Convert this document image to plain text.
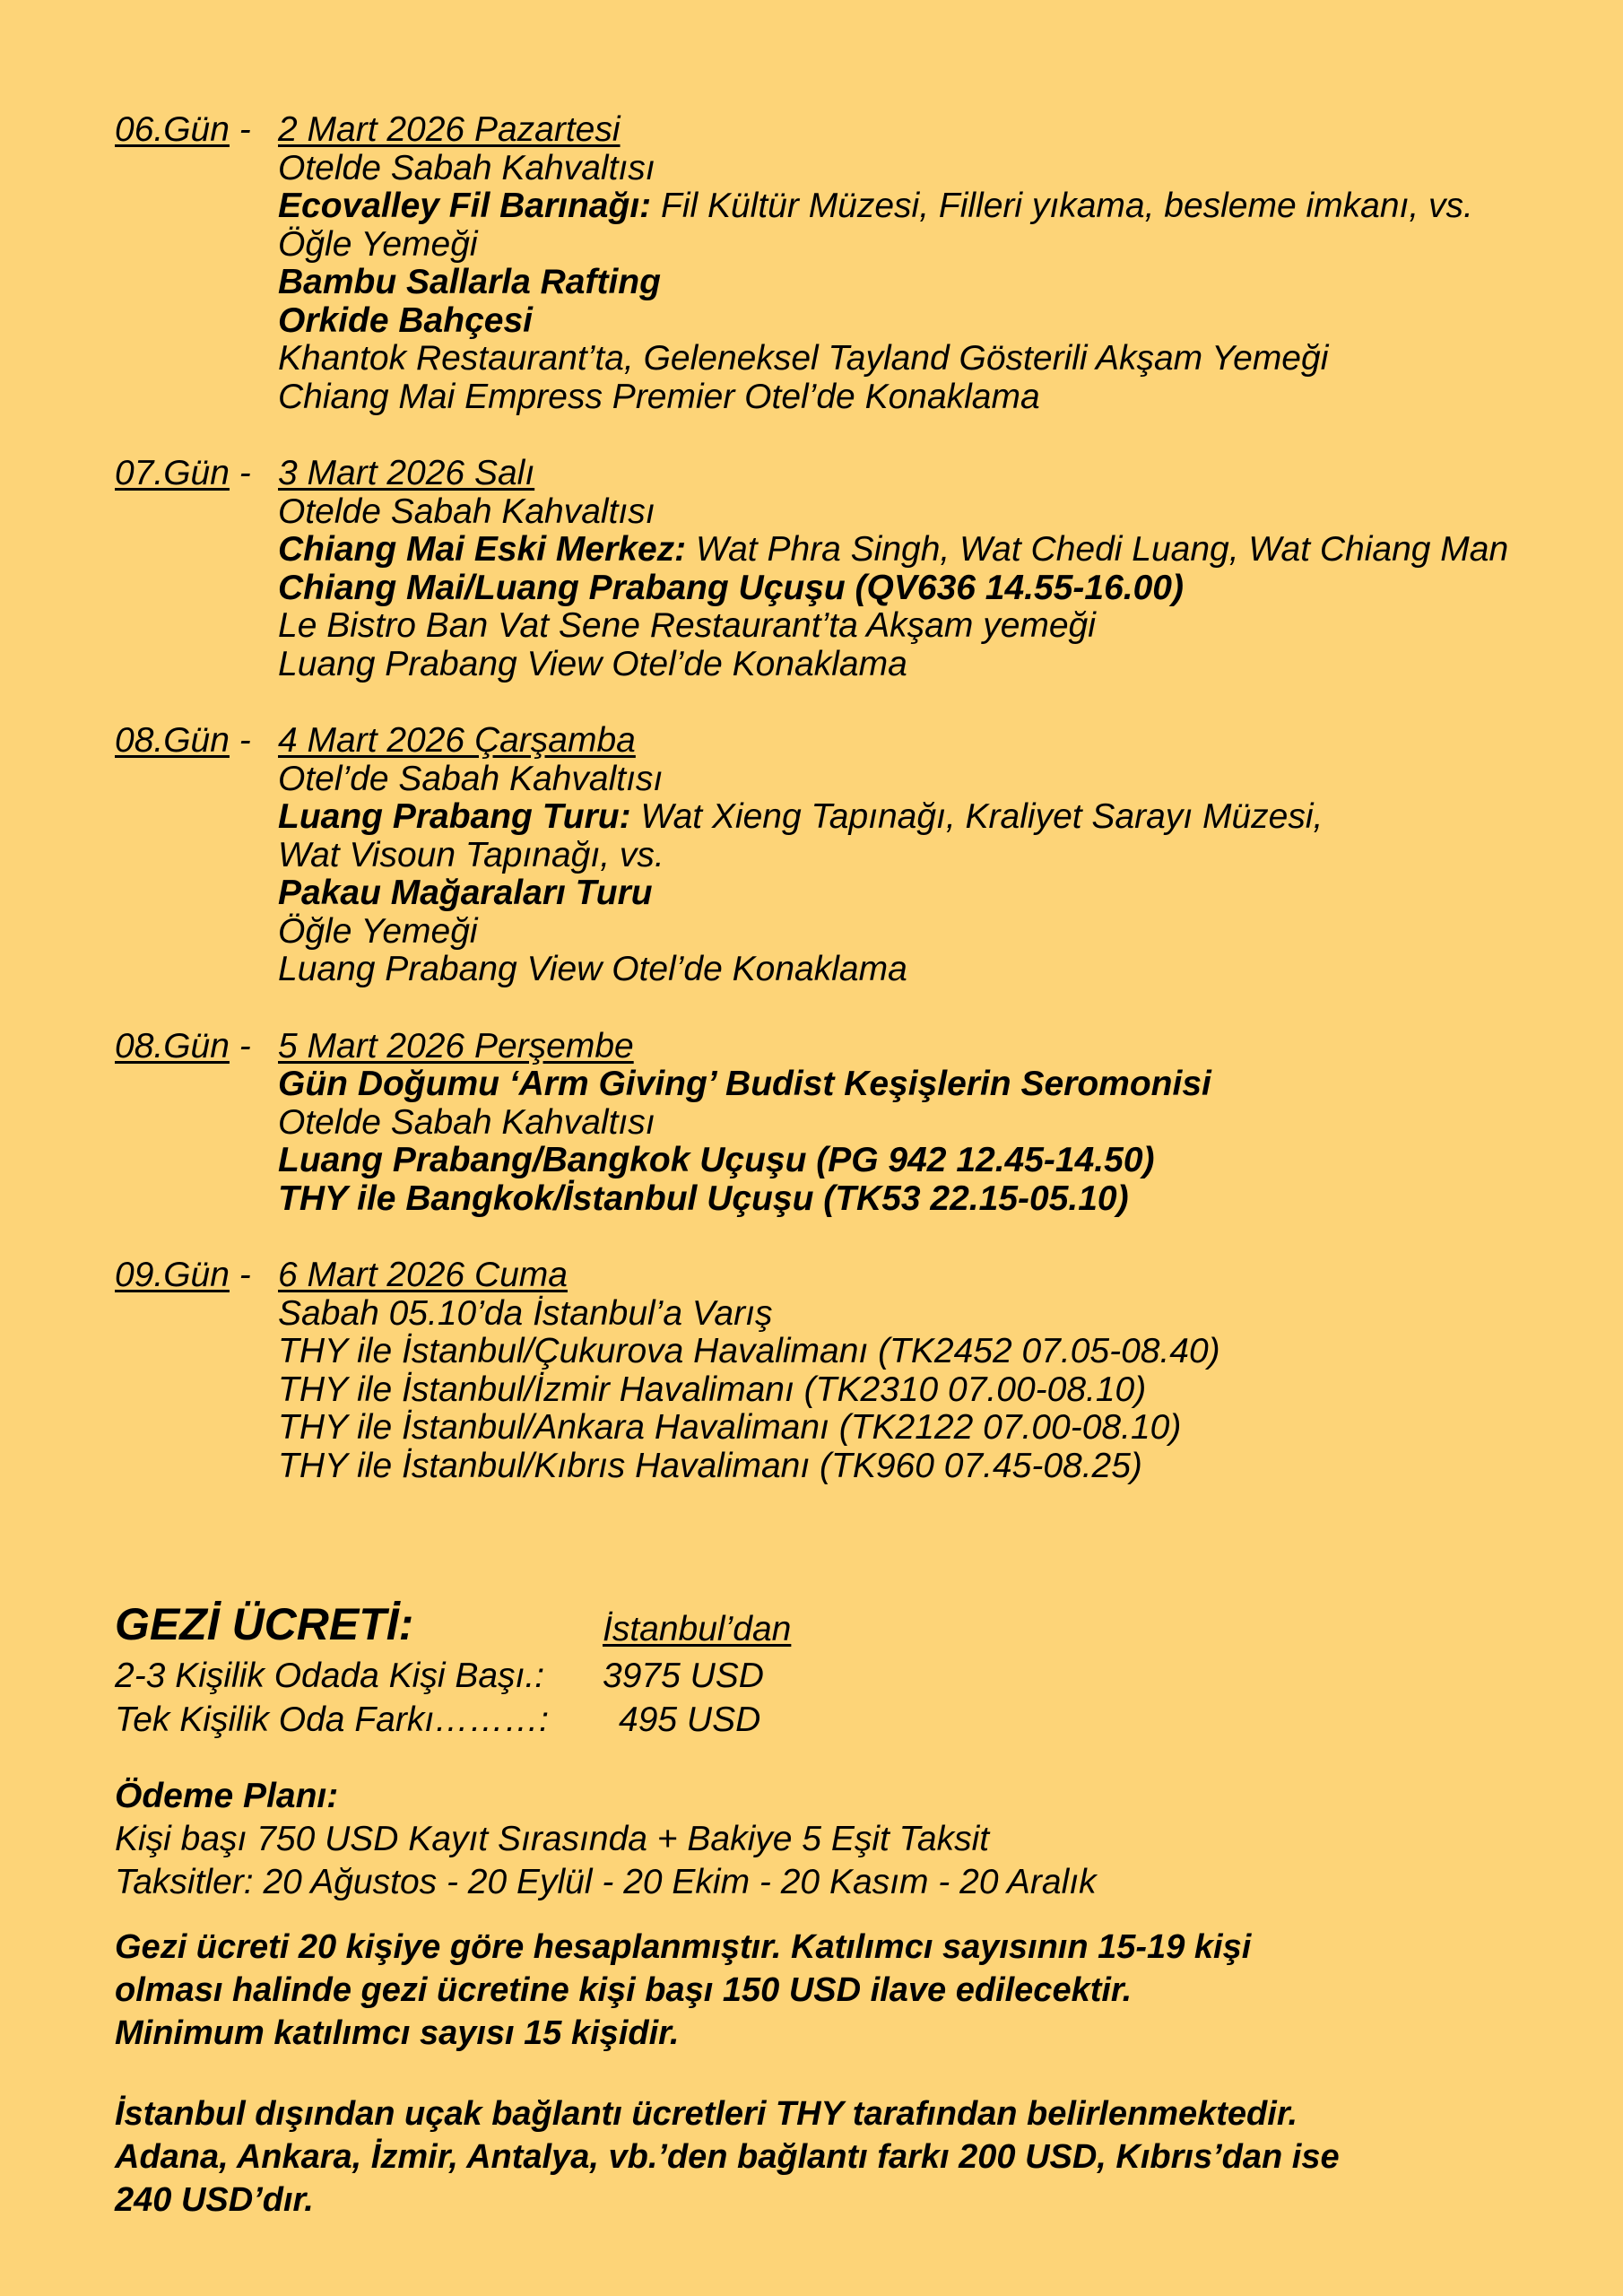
06.Gün -2 Mart 2026 Pazartesi
Otelde Sabah Kahvaltısı
Ecovalley Fil Barınağı: Fil Kültür Müzesi, Filleri yıkama, besleme imkanı, vs.
Öğle Yemeği
Bambu Sallarla Rafting
Orkide Bahçesi
Khantok Restaurant’ta, Geleneksel Tayland Gösterili Akşam Yemeği
Chiang Mai Empress Premier Otel’de Konaklama
07.Gün -3 Mart 2026 Salı
Otelde Sabah Kahvaltısı
Chiang Mai Eski Merkez: Wat Phra Singh, Wat Chedi Luang, Wat Chiang Man
Chiang Mai/Luang Prabang Uçuşu (QV636 14.55-16.00)
Le Bistro Ban Vat Sene Restaurant’ta Akşam yemeği
Luang Prabang View Otel’de Konaklama
08.Gün -4 Mart 2026 Çarşamba
Otel’de Sabah Kahvaltısı
Luang Prabang Turu: Wat Xieng Tapınağı, Kraliyet Sarayı Müzesi,
Wat Visoun Tapınağı, vs.
Pakau Mağaraları Turu
Öğle Yemeği
Luang Prabang View Otel’de Konaklama
08.Gün -5 Mart 2026 Perşembe
Gün Doğumu ‘Arm Giving’ Budist Keşişlerin Seromonisi
Otelde Sabah Kahvaltısı
Luang Prabang/Bangkok Uçuşu (PG 942 12.45-14.50)
THY ile Bangkok/İstanbul Uçuşu (TK53 22.15-05.10)
09.Gün -6 Mart 2026 Cuma
Sabah 05.10’da İstanbul’a Varış
THY ile İstanbul/Çukurova Havalimanı (TK2452 07.05-08.40)
THY ile İstanbul/İzmir Havalimanı (TK2310 07.00-08.10)
THY ile İstanbul/Ankara Havalimanı (TK2122 07.00-08.10)
THY ile İstanbul/Kıbrıs Havalimanı (TK960 07.45-08.25)
GEZİ ÜCRETİ:	İstanbul’dan
2-3 Kişilik Odada Kişi Başı.: 3975 USD
Tek Kişilik Oda Farkı………: 495 USD
Ödeme Planı:
Kişi başı 750 USD Kayıt Sırasında + Bakiye 5 Eşit Taksit
Taksitler: 20 Ağustos - 20 Eylül - 20 Ekim - 20 Kasım - 20 Aralık
Gezi ücreti 20 kişiye göre hesaplanmıştır. Katılımcı sayısının 15-19 kişi
olması halinde gezi ücretine kişi başı 150 USD ilave edilecektir.
Minimum katılımcı sayısı 15 kişidir.
İstanbul dışından uçak bağlantı ücretleri THY tarafından belirlenmektedir.
Adana, Ankara, İzmir, Antalya, vb.’den bağlantı farkı 200 USD, Kıbrıs’dan ise
240 USD’dır.
